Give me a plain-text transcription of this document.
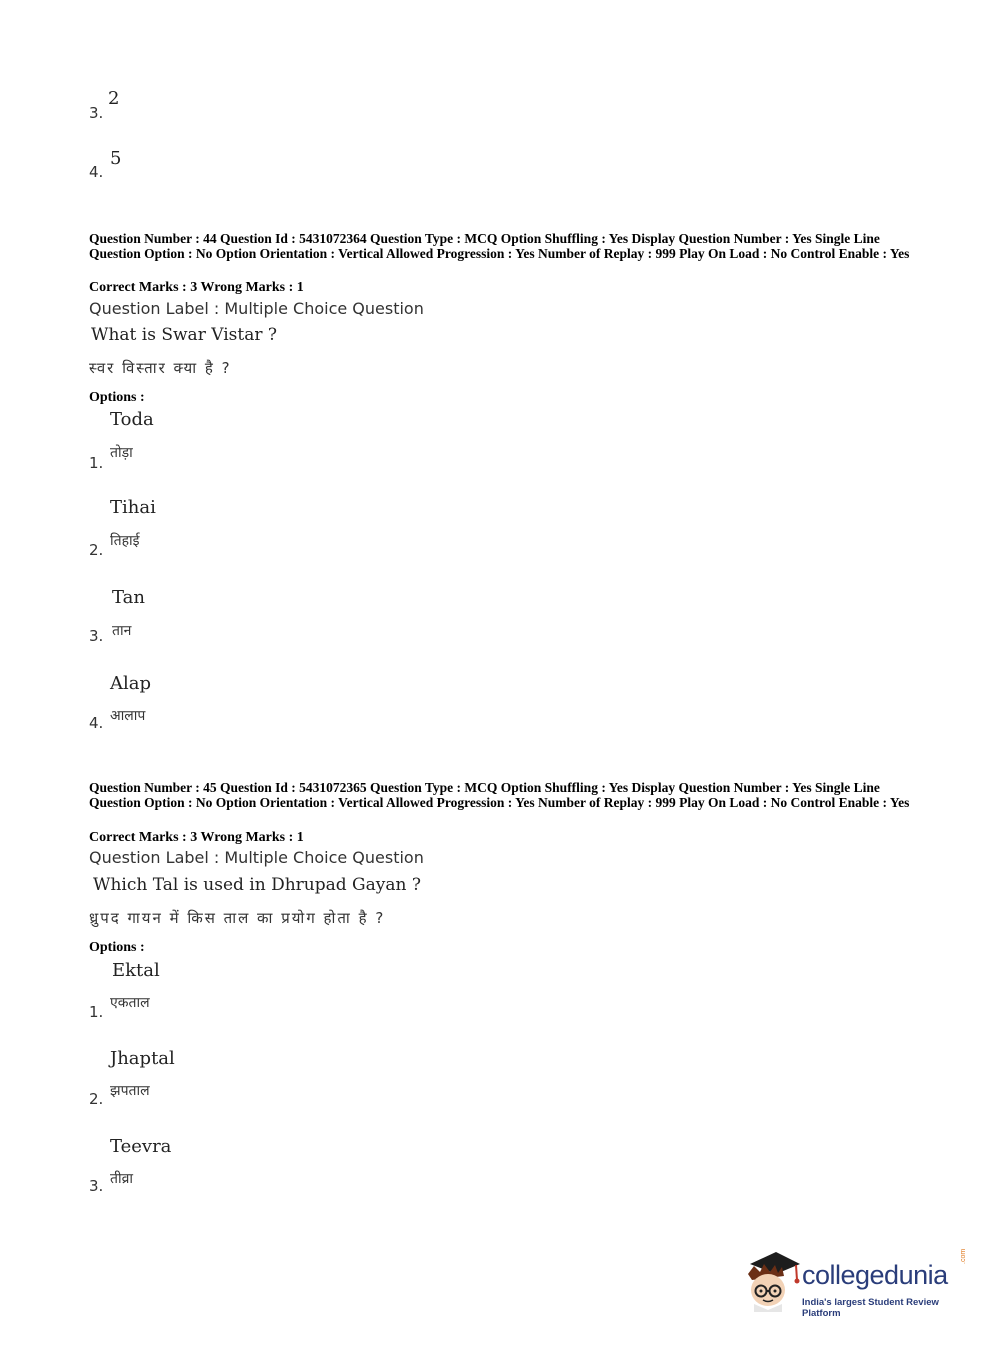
2
3.
5
4.
Question Number : 44 Question Id : 5431072364 Question Type : MCQ Option Shuffling : Yes Display Question Number : Yes Single Line Question Option : No Option Orientation : Vertical Allowed Progression : Yes Number of Replay : 999 Play On Load : No Control Enable : Yes
Correct Marks : 3 Wrong Marks : 1
Question Label : Multiple Choice Question
What is Swar Vistar ?
स्वर विस्तार क्या है ?
Options :
Toda
तोड़ा
1.
Tihai
तिहाई
2.
Tan
तान
3.
Alap
आलाप
4.
Question Number : 45 Question Id : 5431072365 Question Type : MCQ Option Shuffling : Yes Display Question Number : Yes Single Line Question Option : No Option Orientation : Vertical Allowed Progression : Yes Number of Replay : 999 Play On Load : No Control Enable : Yes
Correct Marks : 3 Wrong Marks : 1
Question Label : Multiple Choice Question
Which Tal is used in Dhrupad Gayan ?
ध्रुपद गायन में किस ताल का प्रयोग होता है ?
Options :
Ektal
एकताल
1.
Jhaptal
झपताल
2.
Teevra
तीव्रा
3.
collegedunia
.com
India's largest Student Review Platform
